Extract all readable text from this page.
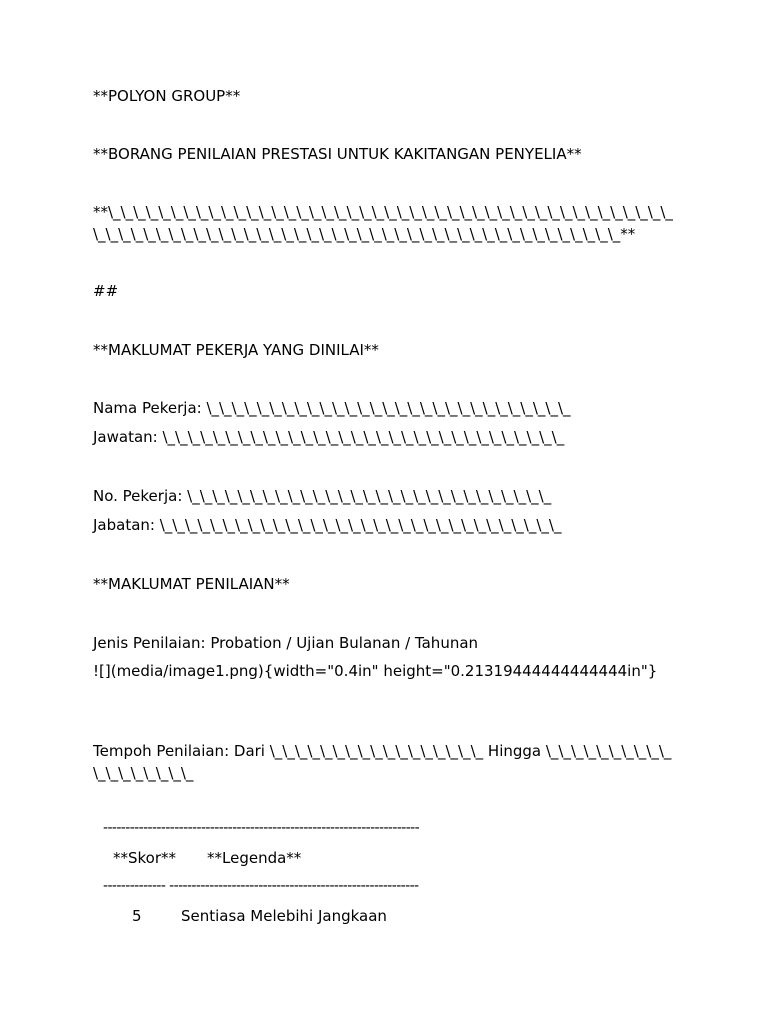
**POLYON GROUP**
**BORANG PENILAIAN PRESTASI UNTUK KAKITANGAN PENYELIA**
**\_\_\_\_\_\_\_\_\_\_\_\_\_\_\_\_\_\_\_\_\_\_\_\_\_\_\_\_\_\_\_\_\_\_\_\_\_\_\_\_\_\_\_\_\_\_\_\_\_\_\_\_\_\_\_\_\_\_\_\_\_\_\_\_\_\_\_\_\_\_\_\_\_\_\_\_\_\_\_\_\_\_\_\_\_\_\_**
##
**MAKLUMAT PEKERJA YANG DINILAI**
Nama Pekerja: \_\_\_\_\_\_\_\_\_\_\_\_\_\_\_\_\_\_\_\_\_\_\_\_\_\_\_\_\_
Jawatan: \_\_\_\_\_\_\_\_\_\_\_\_\_\_\_\_\_\_\_\_\_\_\_\_\_\_\_\_\_\_\_\_
No. Pekerja: \_\_\_\_\_\_\_\_\_\_\_\_\_\_\_\_\_\_\_\_\_\_\_\_\_\_\_\_\_
Jabatan: \_\_\_\_\_\_\_\_\_\_\_\_\_\_\_\_\_\_\_\_\_\_\_\_\_\_\_\_\_\_\_\_
**MAKLUMAT PENILAIAN**
Jenis Penilaian: Probation / Ujian Bulanan / Tahunan
![](media/image1.png){width="0.4in" height="0.21319444444444444in"}
Tempoh Penilaian: Dari \_\_\_\_\_\_\_\_\_\_\_\_\_\_\_\_\_ Hingga \_\_\_\_\_\_\_\_\_\_\_\_\_\_\_\_\_\_
-----------------------------------------------------------------------
**Skor** **Legenda**
-------------- --------------------------------------------------------
5	Sentiasa Melebihi Jangkaan
